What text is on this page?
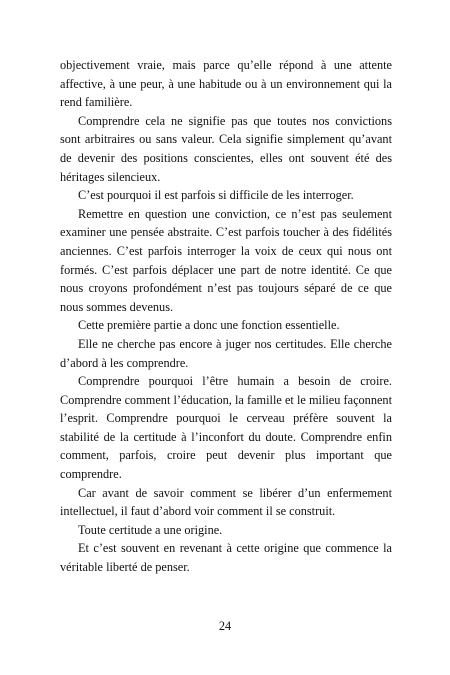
objectivement vraie, mais parce qu’elle répond à une attente affective, à une peur, à une habitude ou à un environnement qui la rend familière.

Comprendre cela ne signifie pas que toutes nos convictions sont arbitraires ou sans valeur. Cela signifie simplement qu’avant de devenir des positions conscientes, elles ont souvent été des héritages silencieux.

C’est pourquoi il est parfois si difficile de les interroger.

Remettre en question une conviction, ce n’est pas seulement examiner une pensée abstraite. C’est parfois toucher à des fidélités anciennes. C’est parfois interroger la voix de ceux qui nous ont formés. C’est parfois déplacer une part de notre identité. Ce que nous croyons profondément n’est pas toujours séparé de ce que nous sommes devenus.

Cette première partie a donc une fonction essentielle.

Elle ne cherche pas encore à juger nos certitudes. Elle cherche d’abord à les comprendre.

Comprendre pourquoi l’être humain a besoin de croire. Comprendre comment l’éducation, la famille et le milieu façonnent l’esprit. Comprendre pourquoi le cerveau préfère souvent la stabilité de la certitude à l’inconfort du doute. Comprendre enfin comment, parfois, croire peut devenir plus important que comprendre.

Car avant de savoir comment se libérer d’un enfermement intellectuel, il faut d’abord voir comment il se construit.

Toute certitude a une origine.

Et c’est souvent en revenant à cette origine que commence la véritable liberté de penser.

24
